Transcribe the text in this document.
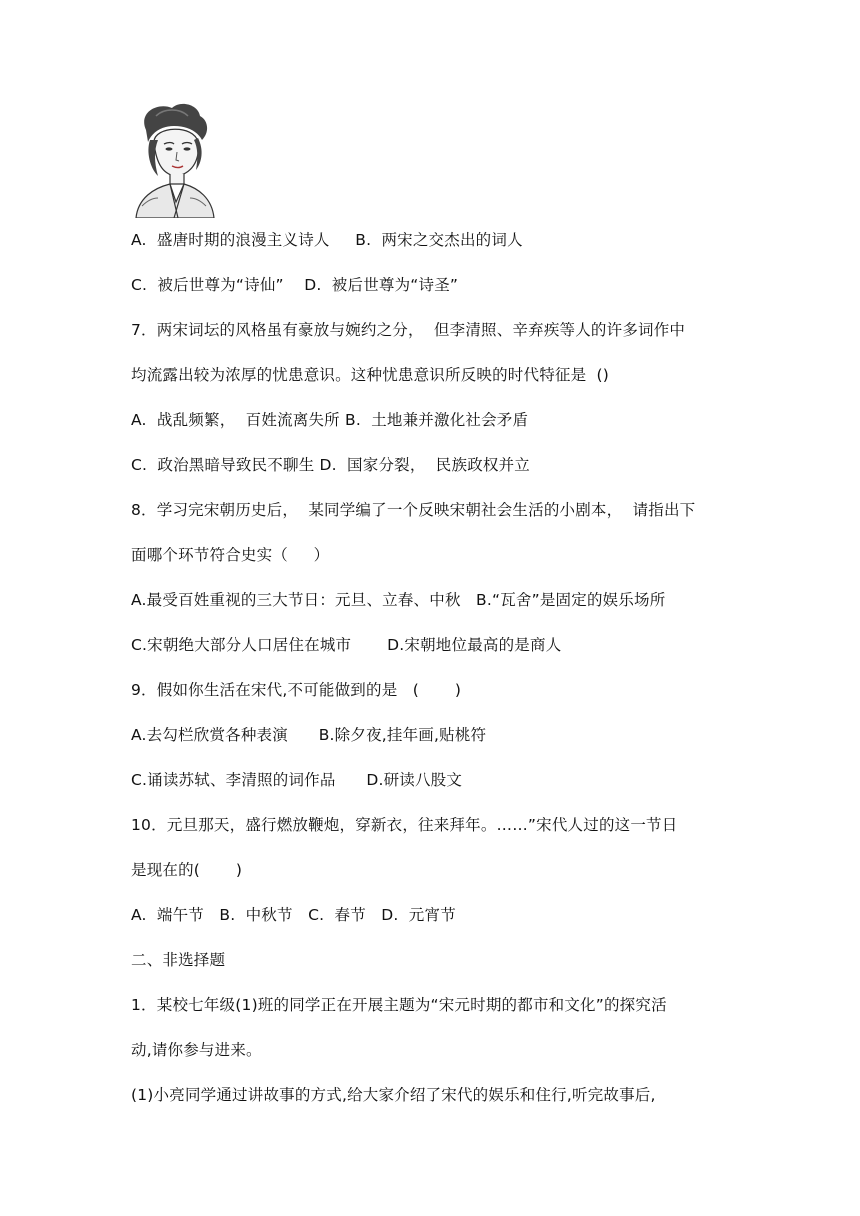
A.  盛唐时期的浪漫主义诗人     B.  两宋之交杰出的词人
C.  被后世尊为“诗仙”    D.  被后世尊为“诗圣”
7．两宋词坛的风格虽有豪放与婉约之分，  但李清照、辛弃疾等人的许多词作中
均流露出较为浓厚的忧患意识。这种忧患意识所反映的时代特征是  ()
A.  战乱频繁，  百姓流离失所 B.  土地兼并激化社会矛盾
C.  政治黑暗导致民不聊生 D.  国家分裂，  民族政权并立
8．学习完宋朝历史后，  某同学编了一个反映宋朝社会生活的小剧本，  请指出下
面哪个环节符合史实（     ）
A.最受百姓重视的三大节日：元旦、立春、中秋   B.“瓦舍”是固定的娱乐场所
C.宋朝绝大部分人口居住在城市       D.宋朝地位最高的是商人
9．假如你生活在宋代,不可能做到的是   (       )
A.去勾栏欣赏各种表演      B.除夕夜,挂年画,贴桃符
C.诵读苏轼、李清照的词作品      D.研读八股文
10．元旦那天，盛行燃放鞭炮，穿新衣，往来拜年。……”宋代人过的这一节日
是现在的(       )
A.  端午节   B.  中秋节   C.  春节   D.  元宵节
二、非选择题
1．某校七年级(1)班的同学正在开展主题为“宋元时期的都市和文化”的探究活
动,请你参与进来。
(1)小亮同学通过讲故事的方式,给大家介绍了宋代的娱乐和住行,听完故事后,
